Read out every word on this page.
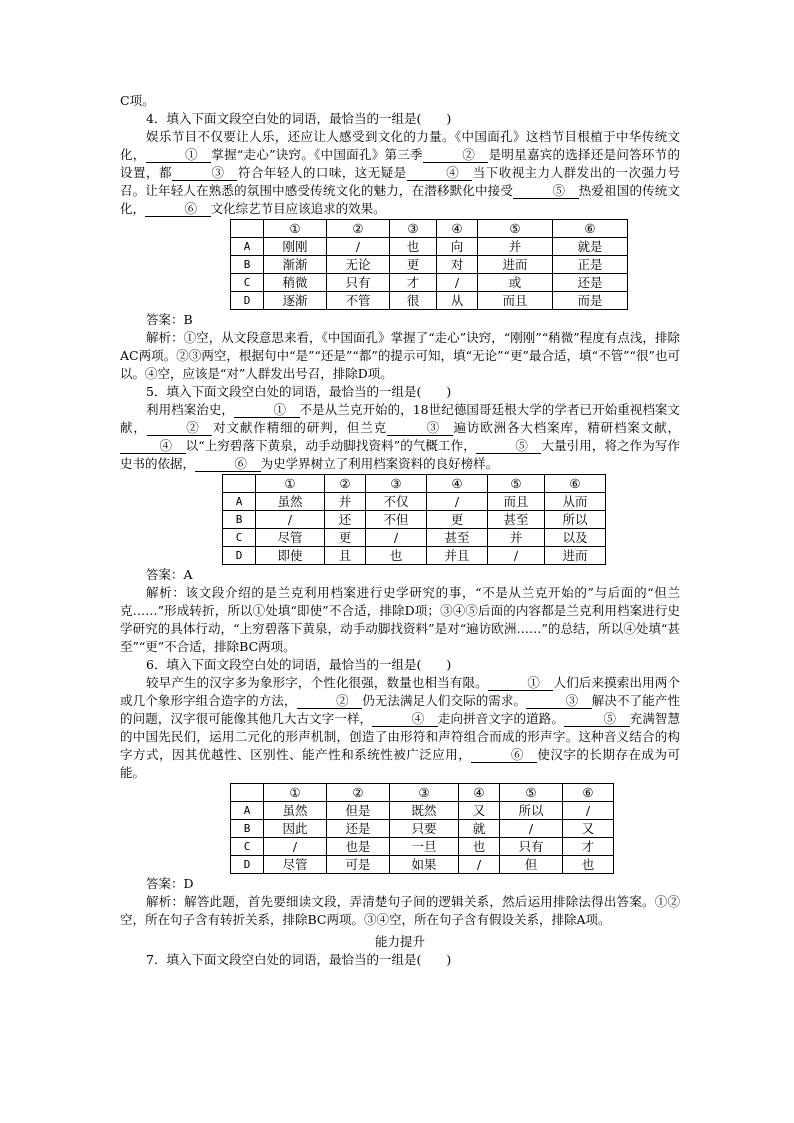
C项。

4．填入下面文段空白处的词语，最恰当的一组是(　　)

娱乐节目不仅要让人乐，还应让人感受到文化的力量。《中国面孔》这档节目根植于中华传统文化，　	①　 掌握“走心”诀窍。《中国面孔》第三季　	②　 是明星嘉宾的选择还是问答环节的设置，都　	③　 符合年轻人的口味，这无疑是　	④　 当下收视主力人群发出的一次强力号召。让年轻人在熟悉的氛围中感受传统文化的魅力，在潜移默化中接受　	⑤　 热爱祖国的传统文化，　	⑥　 文化综艺节目应该追求的效果。

	①	②	③	④	⑤	⑥
A	刚刚	/	也	向	并	就是
B	渐渐	无论	更	对	进而	正是
C	稍微	只有	才	/	或	还是
D	逐渐	不管	很	从	而且	而是

答案：B

解析：①空，从文段意思来看，《中国面孔》掌握了“走心”诀窍，“刚刚”“稍微”程度有点浅，排除AC两项。②③两空，根据句中“是”“还是”“都”的提示可知，填“无论”“更”最合适，填“不管”“很”也可以。④空，应该是“对”人群发出号召，排除D项。

5．填入下面文段空白处的词语，最恰当的一组是(　　)

利用档案治史，　	①　 不是从兰克开始的，18世纪德国哥廷根大学的学者已开始重视档案文献，　	②　 对文献作精细的研判，但兰克　	③　 遍访欧洲各大档案库，精研档案文献，　④　 以“上穷碧落下黄泉，动手动脚找资料”的气概工作，　	⑤　 大量引用，将之作为写作史书的依据，　	⑥　 为史学界树立了利用档案资料的良好榜样。

	①	②	③	④	⑤	⑥
A	虽然	并	不仅	/	而且	从而
B	/	还	不但	更	甚至	所以
C	尽管	更	/	甚至	并	以及
D	即使	且	也	并且	/	进而

答案：A

解析：该文段介绍的是兰克利用档案进行史学研究的事，“不是从兰克开始的”与后面的“但兰克……”形成转折，所以①处填“即使”不合适，排除D项；③④⑤后面的内容都是兰克利用档案进行史学研究的具体行动，“上穷碧落下黄泉，动手动脚找资料”是对“遍访欧洲……”的总结，所以④处填“甚至”“更”不合适，排除BC两项。

6．填入下面文段空白处的词语，最恰当的一组是(　　)

较早产生的汉字多为象形字，个性化很强，数量也相当有限。　	①　 人们后来摸索出用两个或几个象形字组合造字的方法，　	②　 仍无法满足人们交际的需求。　	③　 解决不了能产性的问题，汉字很可能像其他几大古文字一样，　	④　 走向拼音文字的道路。　	⑤　 充满智慧的中国先民们，运用二元化的形声机制，创造了由形符和声符组合而成的形声字。这种音义结合的构字方式，因其优越性、区别性、能产性和系统性被广泛应用，　	⑥　 使汉字的长期存在成为可能。

	①	②	③	④	⑤	⑥
A	虽然	但是	既然	又	所以	/
B	因此	还是	只要	就	/	又
C	/	也是	一旦	也	只有	才
D	尽管	可是	如果	/	但	也

答案：D

解析：解答此题，首先要细读文段，弄清楚句子间的逻辑关系，然后运用排除法得出答案。①②空，所在句子含有转折关系，排除BC两项。③④空，所在句子含有假设关系，排除A项。

能力提升

7．填入下面文段空白处的词语，最恰当的一组是(　　)
